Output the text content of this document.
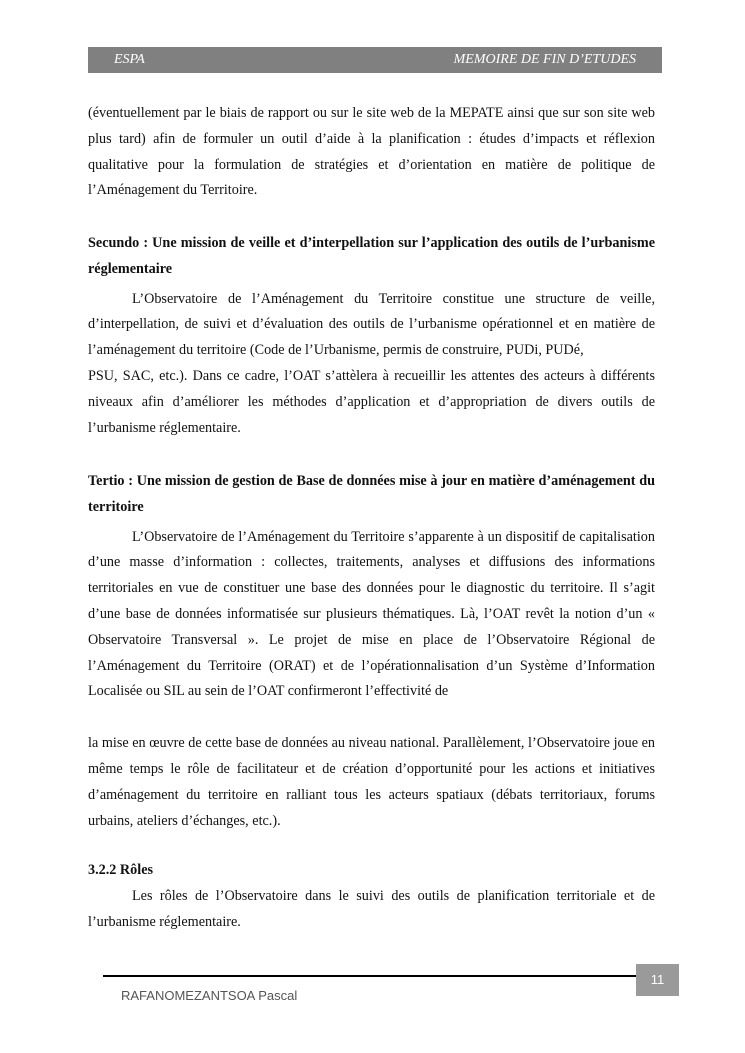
ESPA	MEMOIRE DE FIN D’ETUDES

(éventuellement par le biais de rapport ou sur le site web de la MEPATE ainsi que sur son site web plus tard) afin de formuler un outil d’aide à la planification : études d’impacts et réflexion qualitative pour la formulation de stratégies et d’orientation en matière de politique de l’Aménagement du Territoire.

Secundo : Une mission de veille et d’interpellation sur l’application des outils de l’urbanisme réglementaire

L’Observatoire de l’Aménagement du Territoire constitue une structure de veille, d’interpellation, de suivi et d’évaluation des outils de l’urbanisme opérationnel et en matière de l’aménagement du territoire (Code de l’Urbanisme, permis de construire, PUDi, PUDé,

PSU, SAC, etc.). Dans ce cadre, l’OAT s’attèlera à recueillir les attentes des acteurs à différents niveaux afin d’améliorer les méthodes d’application et d’appropriation de divers outils de l’urbanisme réglementaire.

Tertio : Une mission de gestion de Base de données mise à jour en matière d’aménagement du territoire

L’Observatoire de l’Aménagement du Territoire s’apparente à un dispositif de capitalisation d’une masse d’information : collectes, traitements, analyses et diffusions des informations territoriales en vue de constituer une base des données pour le diagnostic du territoire. Il s’agit d’une base de données informatisée sur plusieurs thématiques. Là, l’OAT revêt la notion d’un « Observatoire Transversal ». Le projet de mise en place de l’Observatoire Régional de l’Aménagement du Territoire (ORAT) et de l’opérationnalisation d’un Système d’Information Localisée ou SIL au sein de l’OAT confirmeront l’effectivité de

la mise en œuvre de cette base de données au niveau national. Parallèlement, l’Observatoire joue en même temps le rôle de facilitateur et de création d’opportunité pour les actions et initiatives d’aménagement du territoire en ralliant tous les acteurs spatiaux (débats territoriaux, forums urbains, ateliers d’échanges, etc.).

3.2.2 Rôles

Les rôles de l’Observatoire dans le suivi des outils de planification territoriale et de l’urbanisme réglementaire.

11
RAFANOMEZANTSOA Pascal
